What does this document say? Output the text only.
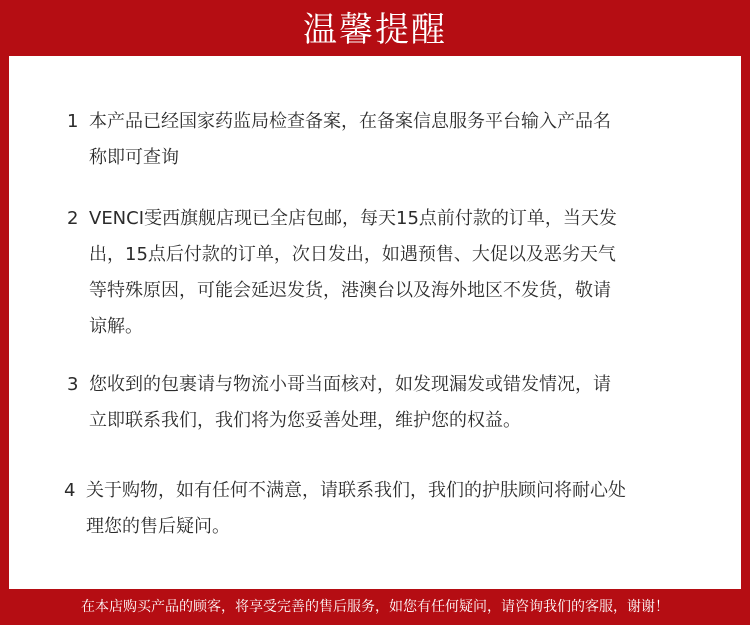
温馨提醒
1 本产品已经国家药监局检查备案，在备案信息服务平台输入产品名
称即可查询
2 VENCI雯西旗舰店现已全店包邮，每天15点前付款的订单，当天发
出，15点后付款的订单，次日发出，如遇预售、大促以及恶劣天气
等特殊原因，可能会延迟发货，港澳台以及海外地区不发货，敬请
谅解。
3 您收到的包裹请与物流小哥当面核对，如发现漏发或错发情况，请
立即联系我们，我们将为您妥善处理，维护您的权益。
4 关于购物，如有任何不满意，请联系我们，我们的护肤顾问将耐心处
理您的售后疑问。
在本店购买产品的顾客，将享受完善的售后服务，如您有任何疑问，请咨询我们的客服，谢谢！
